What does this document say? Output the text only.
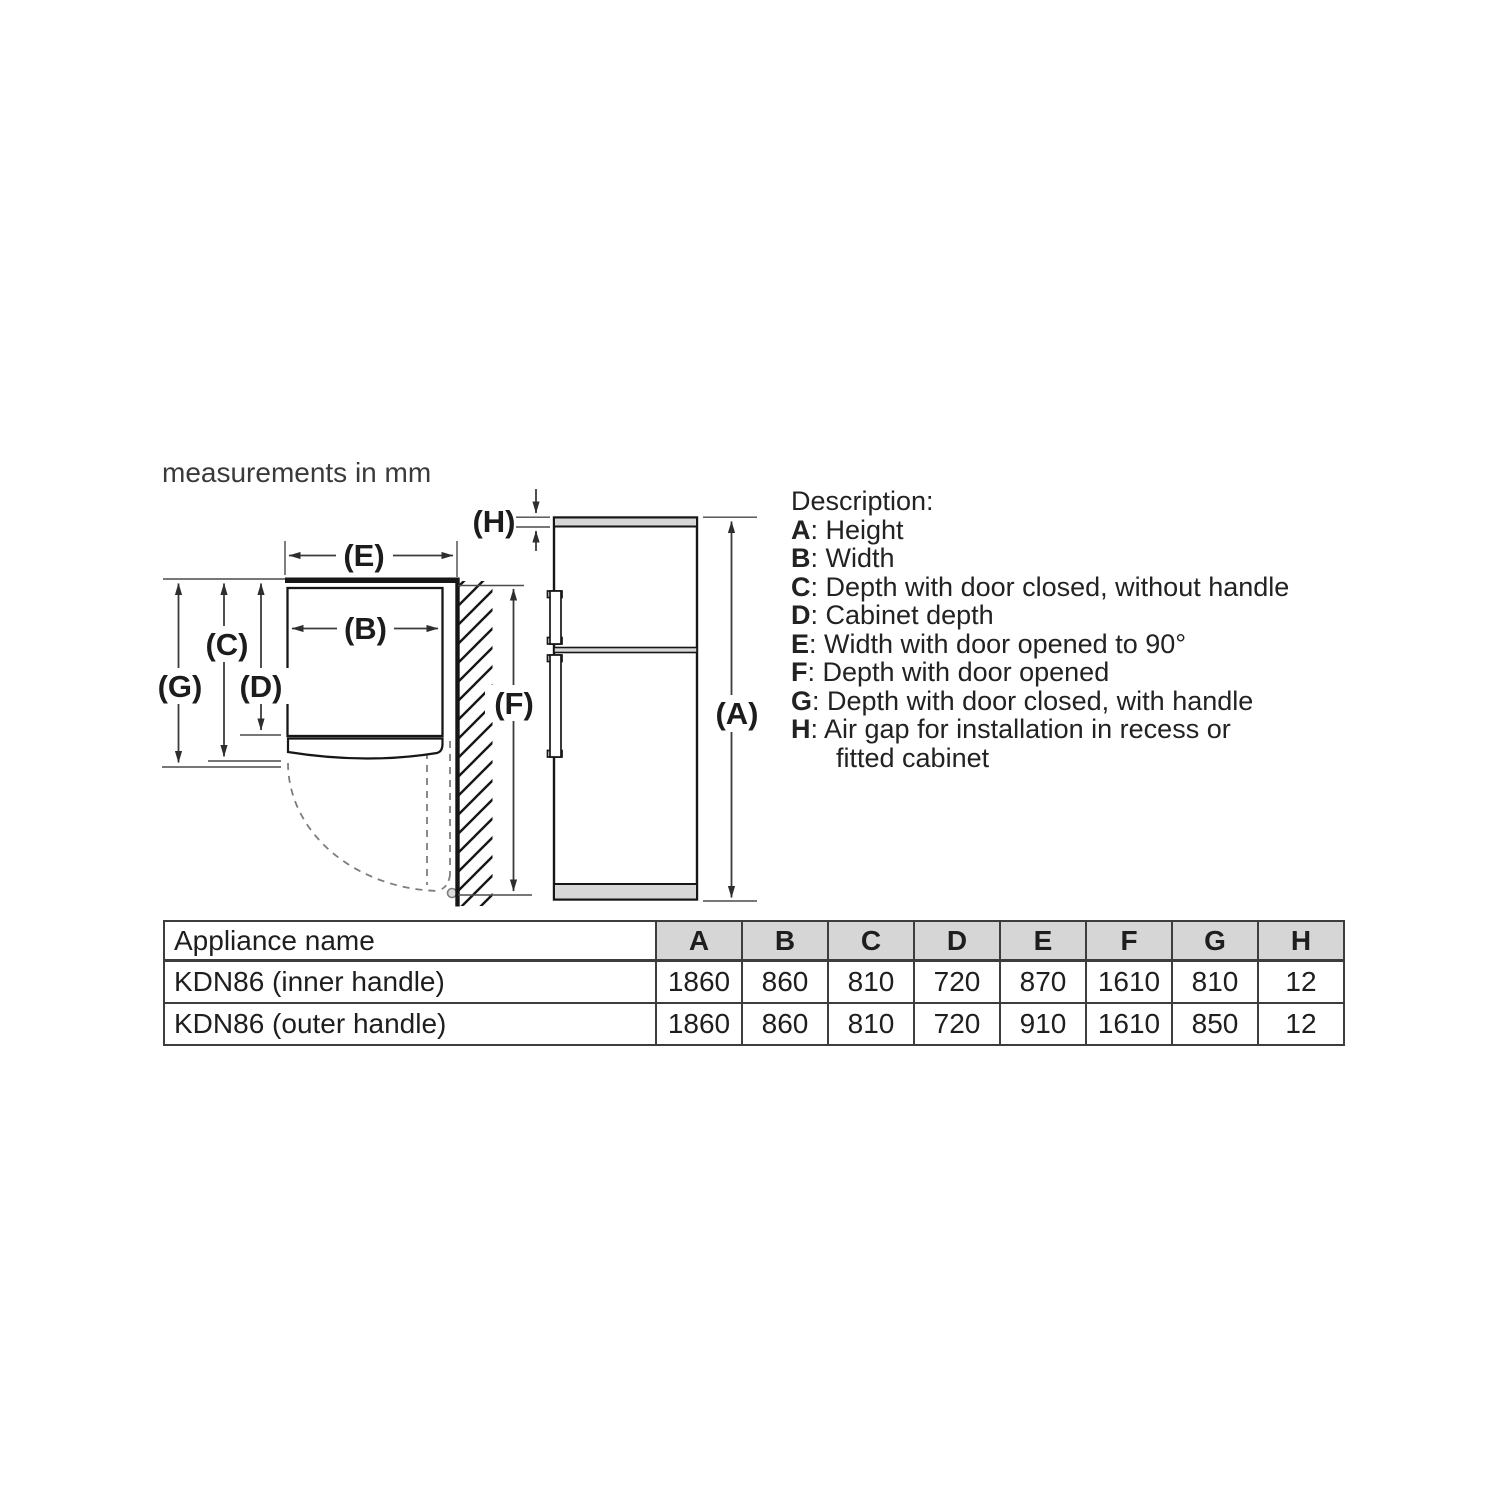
measurements in mm
(E)
(B)
(G)
(C)
(D)	(F)
(H)
(A)
Description:
A: Height
B: Width
C: Depth with door closed, without handle
D: Cabinet depth
E: Width with door opened to 90°
F: Depth with door opened
G: Depth with door closed, with handle
H: Air gap for installation in recess or
fitted cabinet
Appliance name	A	B	C	D	E	F	G	H
KDN86 (inner handle)	1860	860	810	720	870	1610	810	12
KDN86 (outer handle)	1860	860	810	720	910	1610	850	12
